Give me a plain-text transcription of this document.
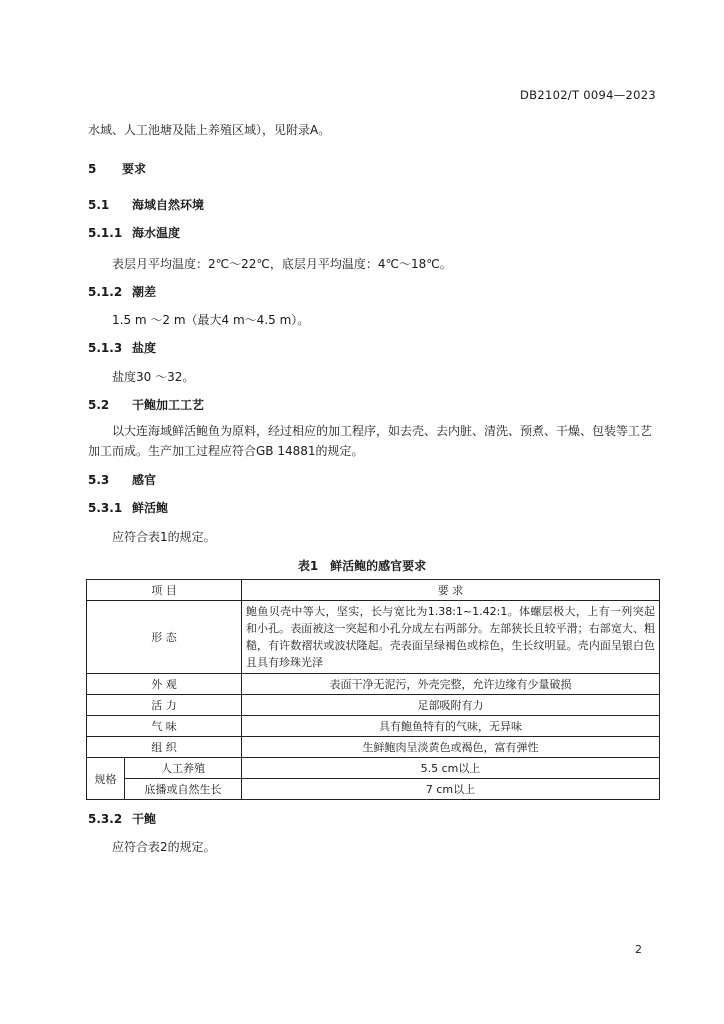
DB2102/T 0094—2023
水域、人工池塘及陆上养殖区域），见附录A。
5 要求
5.1 海域自然环境
5.1.1 海水温度
表层月平均温度：2℃～22℃，底层月平均温度：4℃～18℃。
5.1.2 潮差
1.5 m ～2 m（最大4 m～4.5 m）。
5.1.3 盐度
盐度30 ～32。
5.2 干鲍加工工艺
以大连海域鲜活鲍鱼为原料，经过相应的加工程序，如去壳、去内脏、清洗、预煮、干燥、包装等工艺加工而成。生产加工过程应符合GB 14881的规定。
5.3 感官
5.3.1 鲜活鲍
应符合表1的规定。
表1 鲜活鲍的感官要求
项 目		要 求
形 态		鲍鱼贝壳中等大，坚实，长与宽比为1.38:1~1.42:1。体螺层极大，上有一列突起和小孔。表面被这一突起和小孔分成左右两部分。左部狭长且较平滑；右部宽大、粗糙，有许数褶状或波状隆起。壳表面呈绿褐色或棕色，生长纹明显。壳内面呈银白色且具有珍珠光泽
外 观		表面干净无泥污，外壳完整，允许边缘有少量破损
活 力		足部吸附有力
气 味		具有鲍鱼特有的气味，无异味
组 织		生鲜鲍肉呈淡黄色或褐色，富有弹性
规格	人工养殖	5.5 cm以上
	底播或自然生长	7 cm以上
5.3.2 干鲍
应符合表2的规定。
2
